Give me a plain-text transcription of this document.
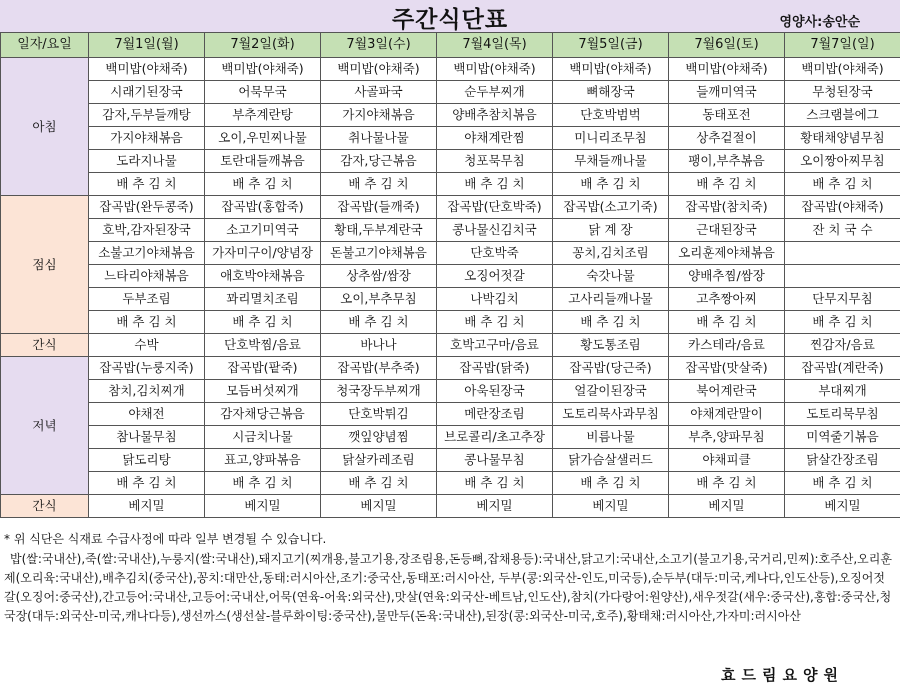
주간식단표	영양사:송안순
일자/요일	7월1일(월)	7월2일(화)	7월3일(수)	7월4일(목)	7월5일(금)	7월6일(토)	7월7일(일)
아침	백미밥(야채죽)	백미밥(야채죽)	백미밥(야채죽)	백미밥(야채죽)	백미밥(야채죽)	백미밥(야채죽)	백미밥(야채죽)
	시래기된장국	어묵무국	사골파국	순두부찌개	뼈해장국	들깨미역국	무청된장국
	감자,두부들깨탕	부추계란탕	가지야채볶음	양배추참치볶음	단호박범벅	동태포전	스크램블에그
	가지야채볶음	오이,우민찌나물	취나물나물	야채계란찜	미니리조무침	상추겉절이	황태채양념무침
	도라지나물	토란대들깨볶음	감자,당근볶음	청포묵무침	무채들깨나물	팽이,부추볶음	오이짱아찌무침
	배 추 김 치	배 추 김 치	배 추 김 치	배 추 김 치	배 추 김 치	배 추 김 치	배 추 김 치
점심	잡곡밥(완두콩죽)	잡곡밥(홍합죽)	잡곡밥(들깨죽)	잡곡밥(단호박죽)	잡곡밥(소고기죽)	잡곡밥(참치죽)	잡곡밥(야채죽)
	호박,감자된장국	소고기미역국	황태,두부계란국	콩나물신김치국	닭 계 장	근대된장국	잔 치 국 수
	소불고기야채볶음	가자미구이/양념장	돈불고기야채볶음	단호박죽	꽁치,김치조림	오리훈제야채볶음	
	느타리야채볶음	애호박야채볶음	상추쌈/쌈장	오징어젓갈	숙갓나물	양배추찜/쌈장	
	두부조림	꽈리멸치조림	오이,부추무침	나박김치	고사리들깨나물	고추짱아찌	단무지무침
	배 추 김 치	배 추 김 치	배 추 김 치	배 추 김 치	배 추 김 치	배 추 김 치	배 추 김 치
간식	수박	단호박찜/음료	바나나	호박고구마/음료	황도통조림	카스테라/음료	찐감자/음료
저녁	잡곡밥(누룽지죽)	잡곡밥(팥죽)	잡곡밥(부추죽)	잡곡밥(닭죽)	잡곡밥(당근죽)	잡곡밥(맛살죽)	잡곡밥(계란죽)
	참치,김치찌개	모듬버섯찌개	청국장두부찌개	아욱된장국	얼갈이된장국	북어계란국	부대찌개
	야채전	감자채당근볶음	단호박튀김	메란장조림	도토리묵사과무침	야채계란말이	도토리묵무침
	참나물무침	시금치나물	깻잎양념찜	브로콜리/초고추장	비름나물	부추,양파무침	미역줄기볶음
	닭도리탕	표고,양파볶음	닭살카레조림	콩나물무침	닭가슴살샐러드	야채피클	닭살간장조림
	배 추 김 치	배 추 김 치	배 추 김 치	배 추 김 치	배 추 김 치	배 추 김 치	배 추 김 치
간식	베지밀	베지밀	베지밀	베지밀	베지밀	베지밀	베지밀
* 위 식단은 식재료 수급사정에 따라 일부 변경될 수 있습니다.
밥(쌀:국내산),죽(쌀:국내산),누룽지(쌀:국내산),돼지고기(찌개용,불고기용,장조림용,돈등뼈,잡채용등):국내산,닭고기:국내산,소고기(불고기용,국거리,민찌):호주산,오리훈제(오리육:국내산),배추김치(중국산),꽁치:대만산,동태:러시아산,조기:중국산,동태포:러시아산, 두부(콩:외국산-인도,미국등),순두부(대두:미국,케나다,인도산등),오징어젓갈(오징어:중국산),간고등어:국내산,고등어:국내산,어묵(연육-어육:외국산),맛살(연육:외국산-베트남,인도산),참치(가다랑어:원양산),새우젓갈(새우:중국산),홍합:중국산,청국장(대두:외국산-미국,캐나다등),생선까스(생선살-블루화이팅:중국산),물만두(돈육:국내산),된장(콩:외국산-미국,호주),황태채:러시아산,가자미:러시아산
효드림요양원
